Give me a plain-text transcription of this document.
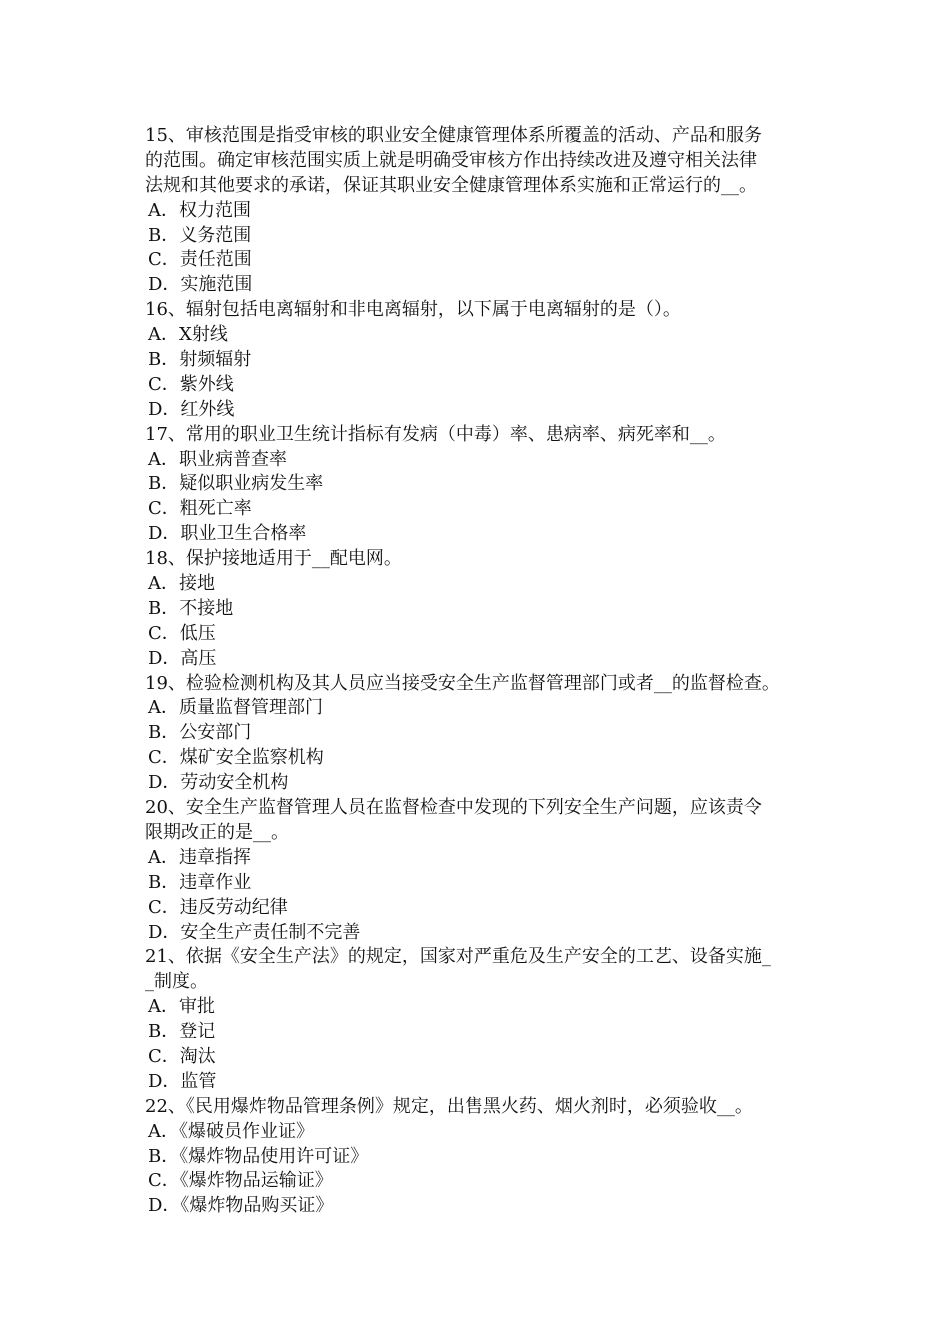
15、审核范围是指受审核的职业安全健康管理体系所覆盖的活动、产品和服务
的范围。确定审核范围实质上就是明确受审核方作出持续改进及遵守相关法律
法规和其他要求的承诺，保证其职业安全健康管理体系实施和正常运行的__。
A．权力范围
B．义务范围
C．责任范围
D．实施范围
16、辐射包括电离辐射和非电离辐射，以下属于电离辐射的是（）。
A．X射线
B．射频辐射
C．紫外线
D．红外线
17、常用的职业卫生统计指标有发病（中毒）率、患病率、病死率和__。
A．职业病普查率
B．疑似职业病发生率
C．粗死亡率
D．职业卫生合格率
18、保护接地适用于__配电网。
A．接地
B．不接地
C．低压
D．高压
19、检验检测机构及其人员应当接受安全生产监督管理部门或者__的监督检查。
A．质量监督管理部门
B．公安部门
C．煤矿安全监察机构
D．劳动安全机构
20、安全生产监督管理人员在监督检查中发现的下列安全生产问题，应该责令
限期改正的是__。
A．违章指挥
B．违章作业
C．违反劳动纪律
D．安全生产责任制不完善
21、依据《安全生产法》的规定，国家对严重危及生产安全的工艺、设备实施_
_制度。
A．审批
B．登记
C．淘汰
D．监管
22、《民用爆炸物品管理条例》规定，出售黑火药、烟火剂时，必须验收__。
A．《爆破员作业证》
B．《爆炸物品使用许可证》
C．《爆炸物品运输证》
D．《爆炸物品购买证》
